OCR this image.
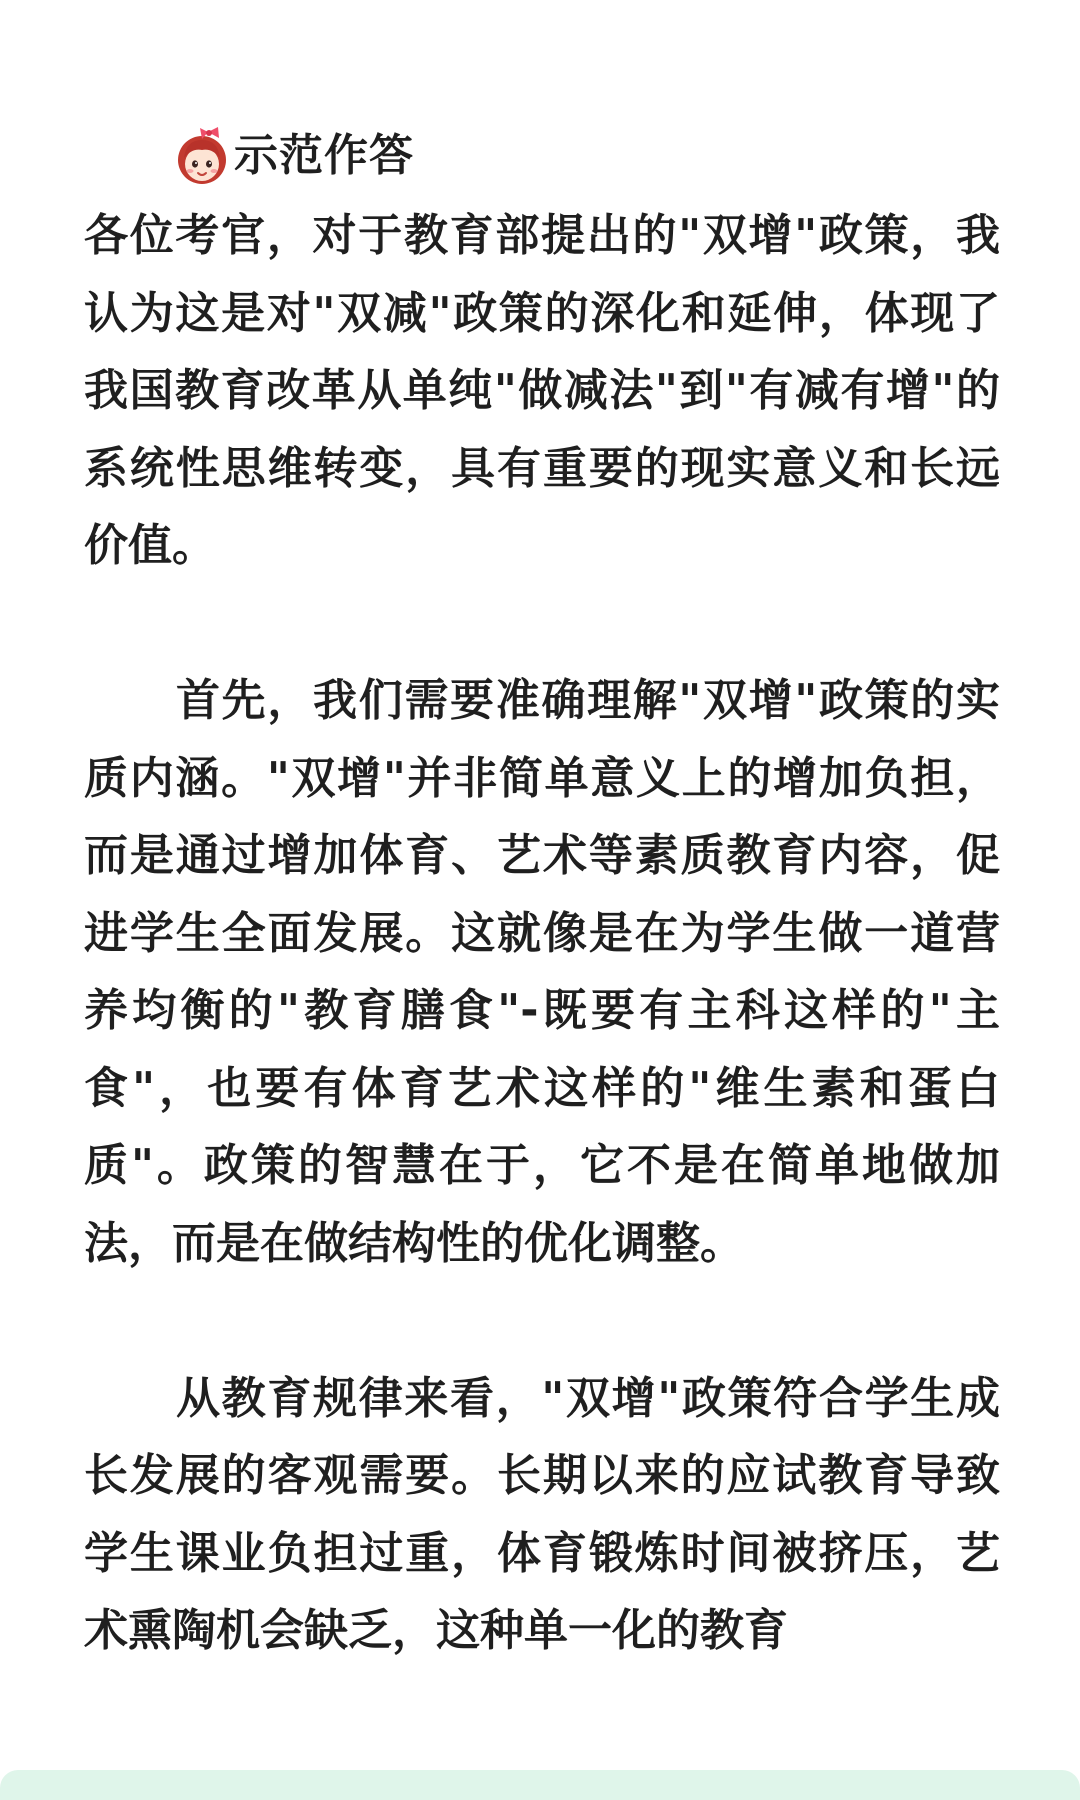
示范作答

各位考官，对于教育部提出的"双增"政策，我认为这是对"双减"政策的深化和延伸，体现了我国教育改革从单纯"做减法"到"有减有增"的系统性思维转变，具有重要的现实意义和长远价值。

首先，我们需要准确理解"双增"政策的实质内涵。"双增"并非简单意义上的增加负担，而是通过增加体育、艺术等素质教育内容，促进学生全面发展。这就像是在为学生做一道营养均衡的"教育膳食"-既要有主科这样的"主食"，也要有体育艺术这样的"维生素和蛋白质"。政策的智慧在于，它不是在简单地做加法，而是在做结构性的优化调整。

从教育规律来看，"双增"政策符合学生成长发展的客观需要。长期以来的应试教育导致学生课业负担过重，体育锻炼时间被挤压，艺术熏陶机会缺乏，这种单一化的教育
